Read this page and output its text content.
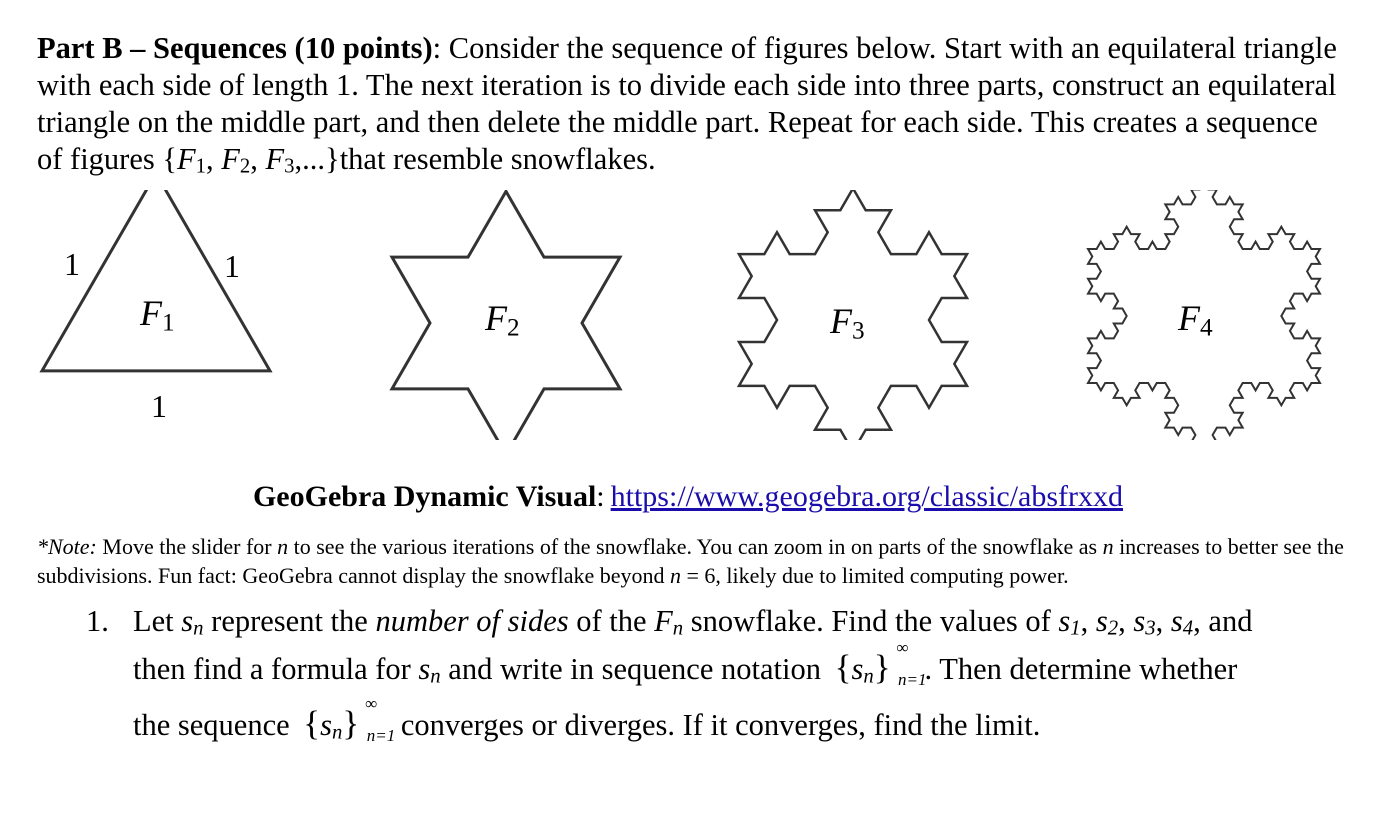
Part B – Sequences (10 points): Consider the sequence of figures below. Start with an equilateral triangle with each side of length 1. The next iteration is to divide each side into three parts, construct an equilateral triangle on the middle part, and then delete the middle part. Repeat for each side. This creates a sequence of figures {$F_1$, $F_2$, $F_3,...\}that$ resemble snowflakes.

1	1
1
$F_1$	$F_2$	$F_3$	$F_4$
GeoGebra Dynamic Visual: https://www.geogebra.org/classic/absfrxxd

*Note: Move the slider for n to see the various iterations of the snowflake. You can zoom in on parts of the snowflake as n increases to better see the subdivisions. Fun fact: GeoGebra cannot display the snowflake beyond n = 6, likely due to limited computing power.

1. Let $s_n$ represent the number of sides of the $F_n$ snowflake. Find the values of $s_1$, $s_2$, $s_3$, $s_4$, and
then find a formula for $s_n$ and write in sequence notation $\{s_n\}$
∞
n=1
. Then determine whether
the sequence $\{s_n\}$
∞
n=1
converges or diverges. If it converges, find the limit.
